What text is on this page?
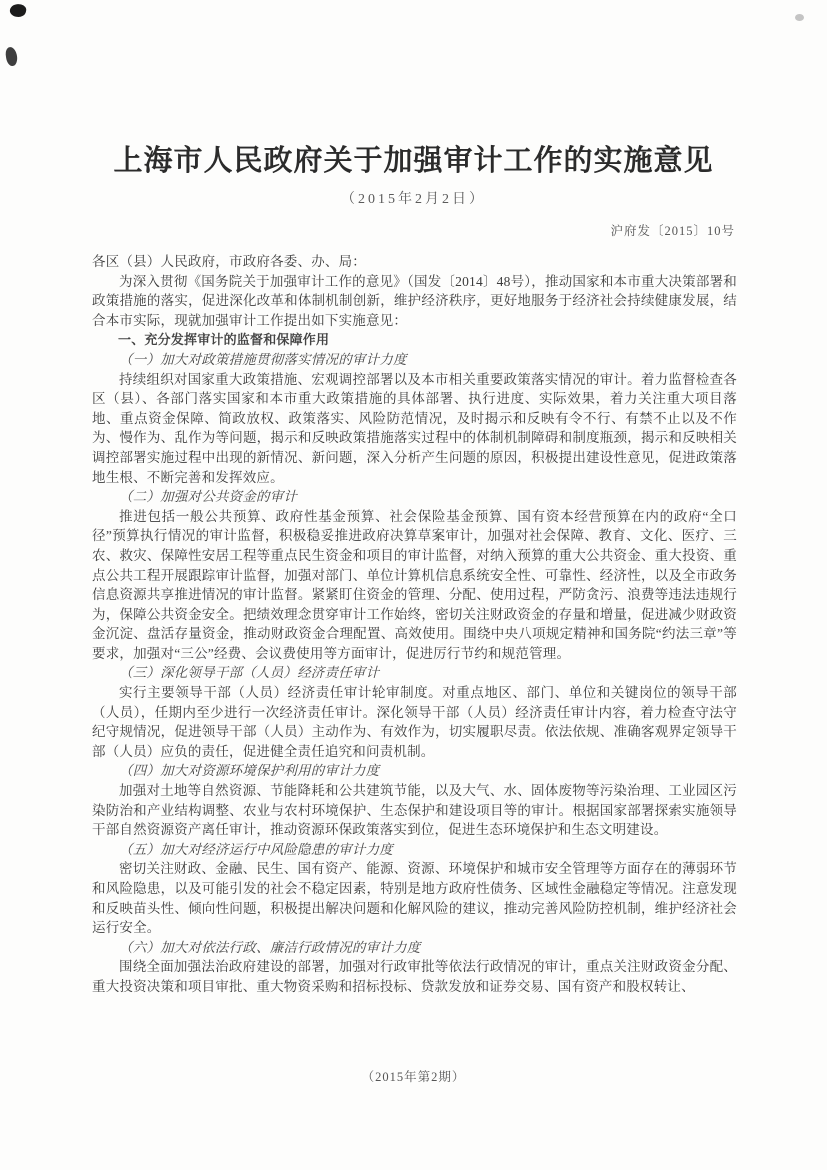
上海市人民政府关于加强审计工作的实施意见
（2015年2月2日）
沪府发〔2015〕10号

各区（县）人民政府，市政府各委、办、局：

为深入贯彻《国务院关于加强审计工作的意见》（国发〔2014〕48号），推动国家和本市重大决策部署和政策措施的落实，促进深化改革和体制机制创新，维护经济秩序，更好地服务于经济社会持续健康发展，结合本市实际，现就加强审计工作提出如下实施意见：

一、充分发挥审计的监督和保障作用

（一）加大对政策措施贯彻落实情况的审计力度

持续组织对国家重大政策措施、宏观调控部署以及本市相关重要政策落实情况的审计。着力监督检查各区（县）、各部门落实国家和本市重大政策措施的具体部署、执行进度、实际效果，着力关注重大项目落地、重点资金保障、简政放权、政策落实、风险防范情况，及时揭示和反映有令不行、有禁不止以及不作为、慢作为、乱作为等问题，揭示和反映政策措施落实过程中的体制机制障碍和制度瓶颈，揭示和反映相关调控部署实施过程中出现的新情况、新问题，深入分析产生问题的原因，积极提出建设性意见，促进政策落地生根、不断完善和发挥效应。

（二）加强对公共资金的审计

推进包括一般公共预算、政府性基金预算、社会保险基金预算、国有资本经营预算在内的政府“全口径”预算执行情况的审计监督，积极稳妥推进政府决算草案审计，加强对社会保障、教育、文化、医疗、三农、救灾、保障性安居工程等重点民生资金和项目的审计监督，对纳入预算的重大公共资金、重大投资、重点公共工程开展跟踪审计监督，加强对部门、单位计算机信息系统安全性、可靠性、经济性，以及全市政务信息资源共享推进情况的审计监督。紧紧盯住资金的管理、分配、使用过程，严防贪污、浪费等违法违规行为，保障公共资金安全。把绩效理念贯穿审计工作始终，密切关注财政资金的存量和增量，促进减少财政资金沉淀、盘活存量资金，推动财政资金合理配置、高效使用。围绕中央八项规定精神和国务院“约法三章”等要求，加强对“三公”经费、会议费使用等方面审计，促进厉行节约和规范管理。

（三）深化领导干部（人员）经济责任审计

实行主要领导干部（人员）经济责任审计轮审制度。对重点地区、部门、单位和关键岗位的领导干部（人员），任期内至少进行一次经济责任审计。深化领导干部（人员）经济责任审计内容，着力检查守法守纪守规情况，促进领导干部（人员）主动作为、有效作为，切实履职尽责。依法依规、准确客观界定领导干部（人员）应负的责任，促进健全责任追究和问责机制。

（四）加大对资源环境保护利用的审计力度

加强对土地等自然资源、节能降耗和公共建筑节能，以及大气、水、固体废物等污染治理、工业园区污染防治和产业结构调整、农业与农村环境保护、生态保护和建设项目等的审计。根据国家部署探索实施领导干部自然资源资产离任审计，推动资源环保政策落实到位，促进生态环境保护和生态文明建设。

（五）加大对经济运行中风险隐患的审计力度

密切关注财政、金融、民生、国有资产、能源、资源、环境保护和城市安全管理等方面存在的薄弱环节和风险隐患，以及可能引发的社会不稳定因素，特别是地方政府性债务、区域性金融稳定等情况。注意发现和反映苗头性、倾向性问题，积极提出解决问题和化解风险的建议，推动完善风险防控机制，维护经济社会运行安全。

（六）加大对依法行政、廉洁行政情况的审计力度

围绕全面加强法治政府建设的部署，加强对行政审批等依法行政情况的审计，重点关注财政资金分配、重大投资决策和项目审批、重大物资采购和招标投标、贷款发放和证券交易、国有资产和股权转让、

（2015年第2期）
